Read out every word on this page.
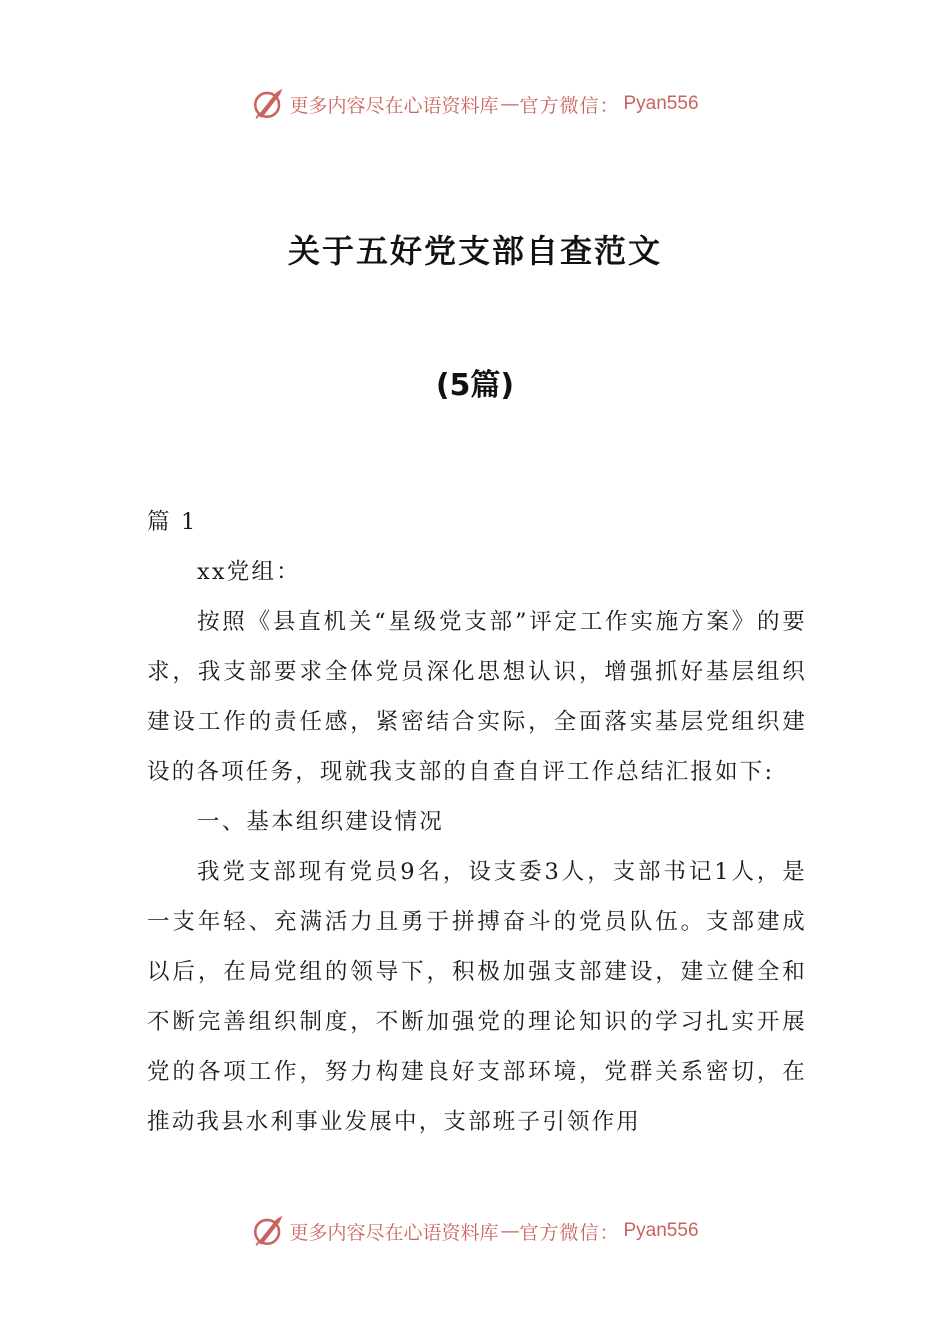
更多内容尽在心语资料库 — 官方微信： Pyan556
关于五好党支部自查范文
(5篇)

篇 1

xx党组：

按照《县直机关“星级党支部”评定工作实施方案》的要求，我支部要求全体党员深化思想认识，增强抓好基层组织建设工作的责任感，紧密结合实际，全面落实基层党组织建设的各项任务，现就我支部的自查自评工作总结汇报如下:

一、基本组织建设情况

我党支部现有党员9名，设支委3人，支部书记1人，是一支年轻、充满活力且勇于拼搏奋斗的党员队伍。支部建成以后，在局党组的领导下，积极加强支部建设，建立健全和不断完善组织制度，不断加强党的理论知识的学习扎实开展党的各项工作，努力构建良好支部环境，党群关系密切，在推动我县水利事业发展中，支部班子引领作用

更多内容尽在心语资料库 — 官方微信： Pyan556
